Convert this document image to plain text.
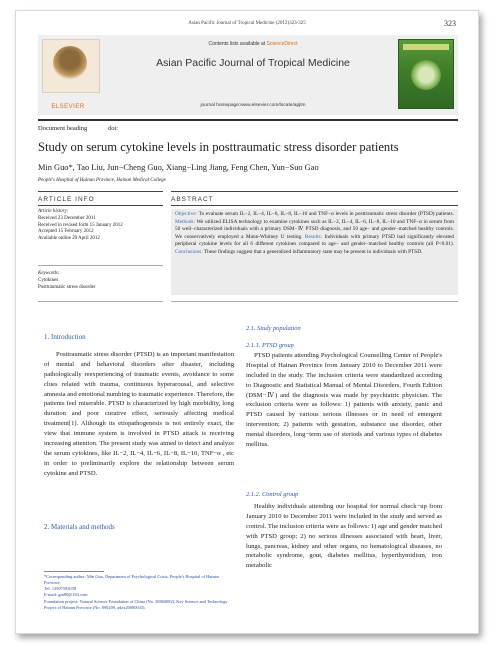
Asian Pacific Journal of Tropical Medicine (2012)323-325	323
ELSEVIER
Contents lists available at ScienceDirect
Asian Pacific Journal of Tropical Medicine
journal homepage:www.elsevier.com/locate/apjtm
Document heading	doi:
Study on serum cytokine levels in posttraumatic stress disorder patients
Min Guo*, Tao Liu, Jun−Cheng Guo, Xiang−Ling Jiang, Feng Chen, Yun−Suo Gao
People's Hospital of Hainan Province, Hainan Medical College
ARTICLE INFO	ABSTRACT
Article history:
Received 23 December 2011
Received in revised form 15 January 2012
Accepted 15 February 2012
Available online 20 April 2012
Keywords:
Cytokines
Posttraumatic stress disorder
Objective: To evaluate serum IL−2, IL−4, IL−6, IL−8, IL−10 and TNF−α levels in posttraumatic stress disorder (PTSD) patients. Methods: We utilized ELISA technology to examine cytokines such as IL−2, IL−4, IL−6, IL−8, IL−10 and TNF−α in serum from 50 well−characterized individuals with a primary DSM−Ⅳ PTSD diagnosis, and 50 age− and gender−matched healthy controls. We conservatively employed a Mann-Whitney U testing. Results: Individuals with primary PTSD had significantly elevated peripheral cytokine levels for all 6 different cytokines compared to age− and gender−matched healthy controls (all P<0.01). Conclusions: These findings suggest that a generalized inflammatory state may be present in individuals with PTSD.
1. Introduction
Posttraumatic stress disorder (PTSD) is an important manifestation of mental and behavioral disorders after disaster, including pathologically reexperiencing of traumatic events, avoidance to some clues related with trauma, continuous hyperarousal, and selective amnesia and emotional numbing to traumatic experience. Therefore, the patients feel miserable. PTSD is characterized by high morbidity, long duration and poor curative effect, seriously affecting medical treatment[1]. Although its etiopathogenesis is not entirely exact, the view that immune system is involved in PTSD attack is receiving increasing attention. The present study was aimed to detect and analyze the serum cytokines, like IL−2, IL−4, IL−6, IL−8, IL−10, TNF−α , etc in order to preliminarily explore the relationship between serum cytokine and PTSD.
2. Materials and methods
*Corresponding author: Min Guo, Department of Psychological Crisis, People's Hospital of Hainan Province.
Tel: 13907583038
E-mail: gm80@163.com
Foundation project: Natural Science Foundation of China (No. 30860082), Key Science and Technology Project of Hainan Province (No. 090209, adzx20080043).
2.1. Study population
2.1.1. PTSD group
PTSD patients attending Psychological Counselling Center of People's Hospital of Hainan Province from January 2010 to December 2011 were included in the study. The inclusion criteria were standardized according to Diagnostic and Statistical Manual of Mental Disorders, Fourth Edition (DSM−Ⅳ) and the diagnosis was made by psychiatric physician. The exclusion criteria were as follows: 1) patients with anxiety, panic and PTSD caused by various serious illnesses or in need of emergent intervention; 2) patients with gestation, substance use disorder, other mental disorders, long−term use of steriods and various types of diabetes mellitus.
2.1.2. Control group
Healthy individuals attending our hospital for normal check−up from January 2010 to December 2011 were included in the study and served as control. The inclusion criteria were as follows: 1) age and gender matched with PTSD group; 2) no serious illnesses associated with heart, liver, lungs, pancreas, kidney and other organs, no hematological diseases, no metabolic syndrome, gout, diabetes mellitus, hyperthymidism, iron metabolic
